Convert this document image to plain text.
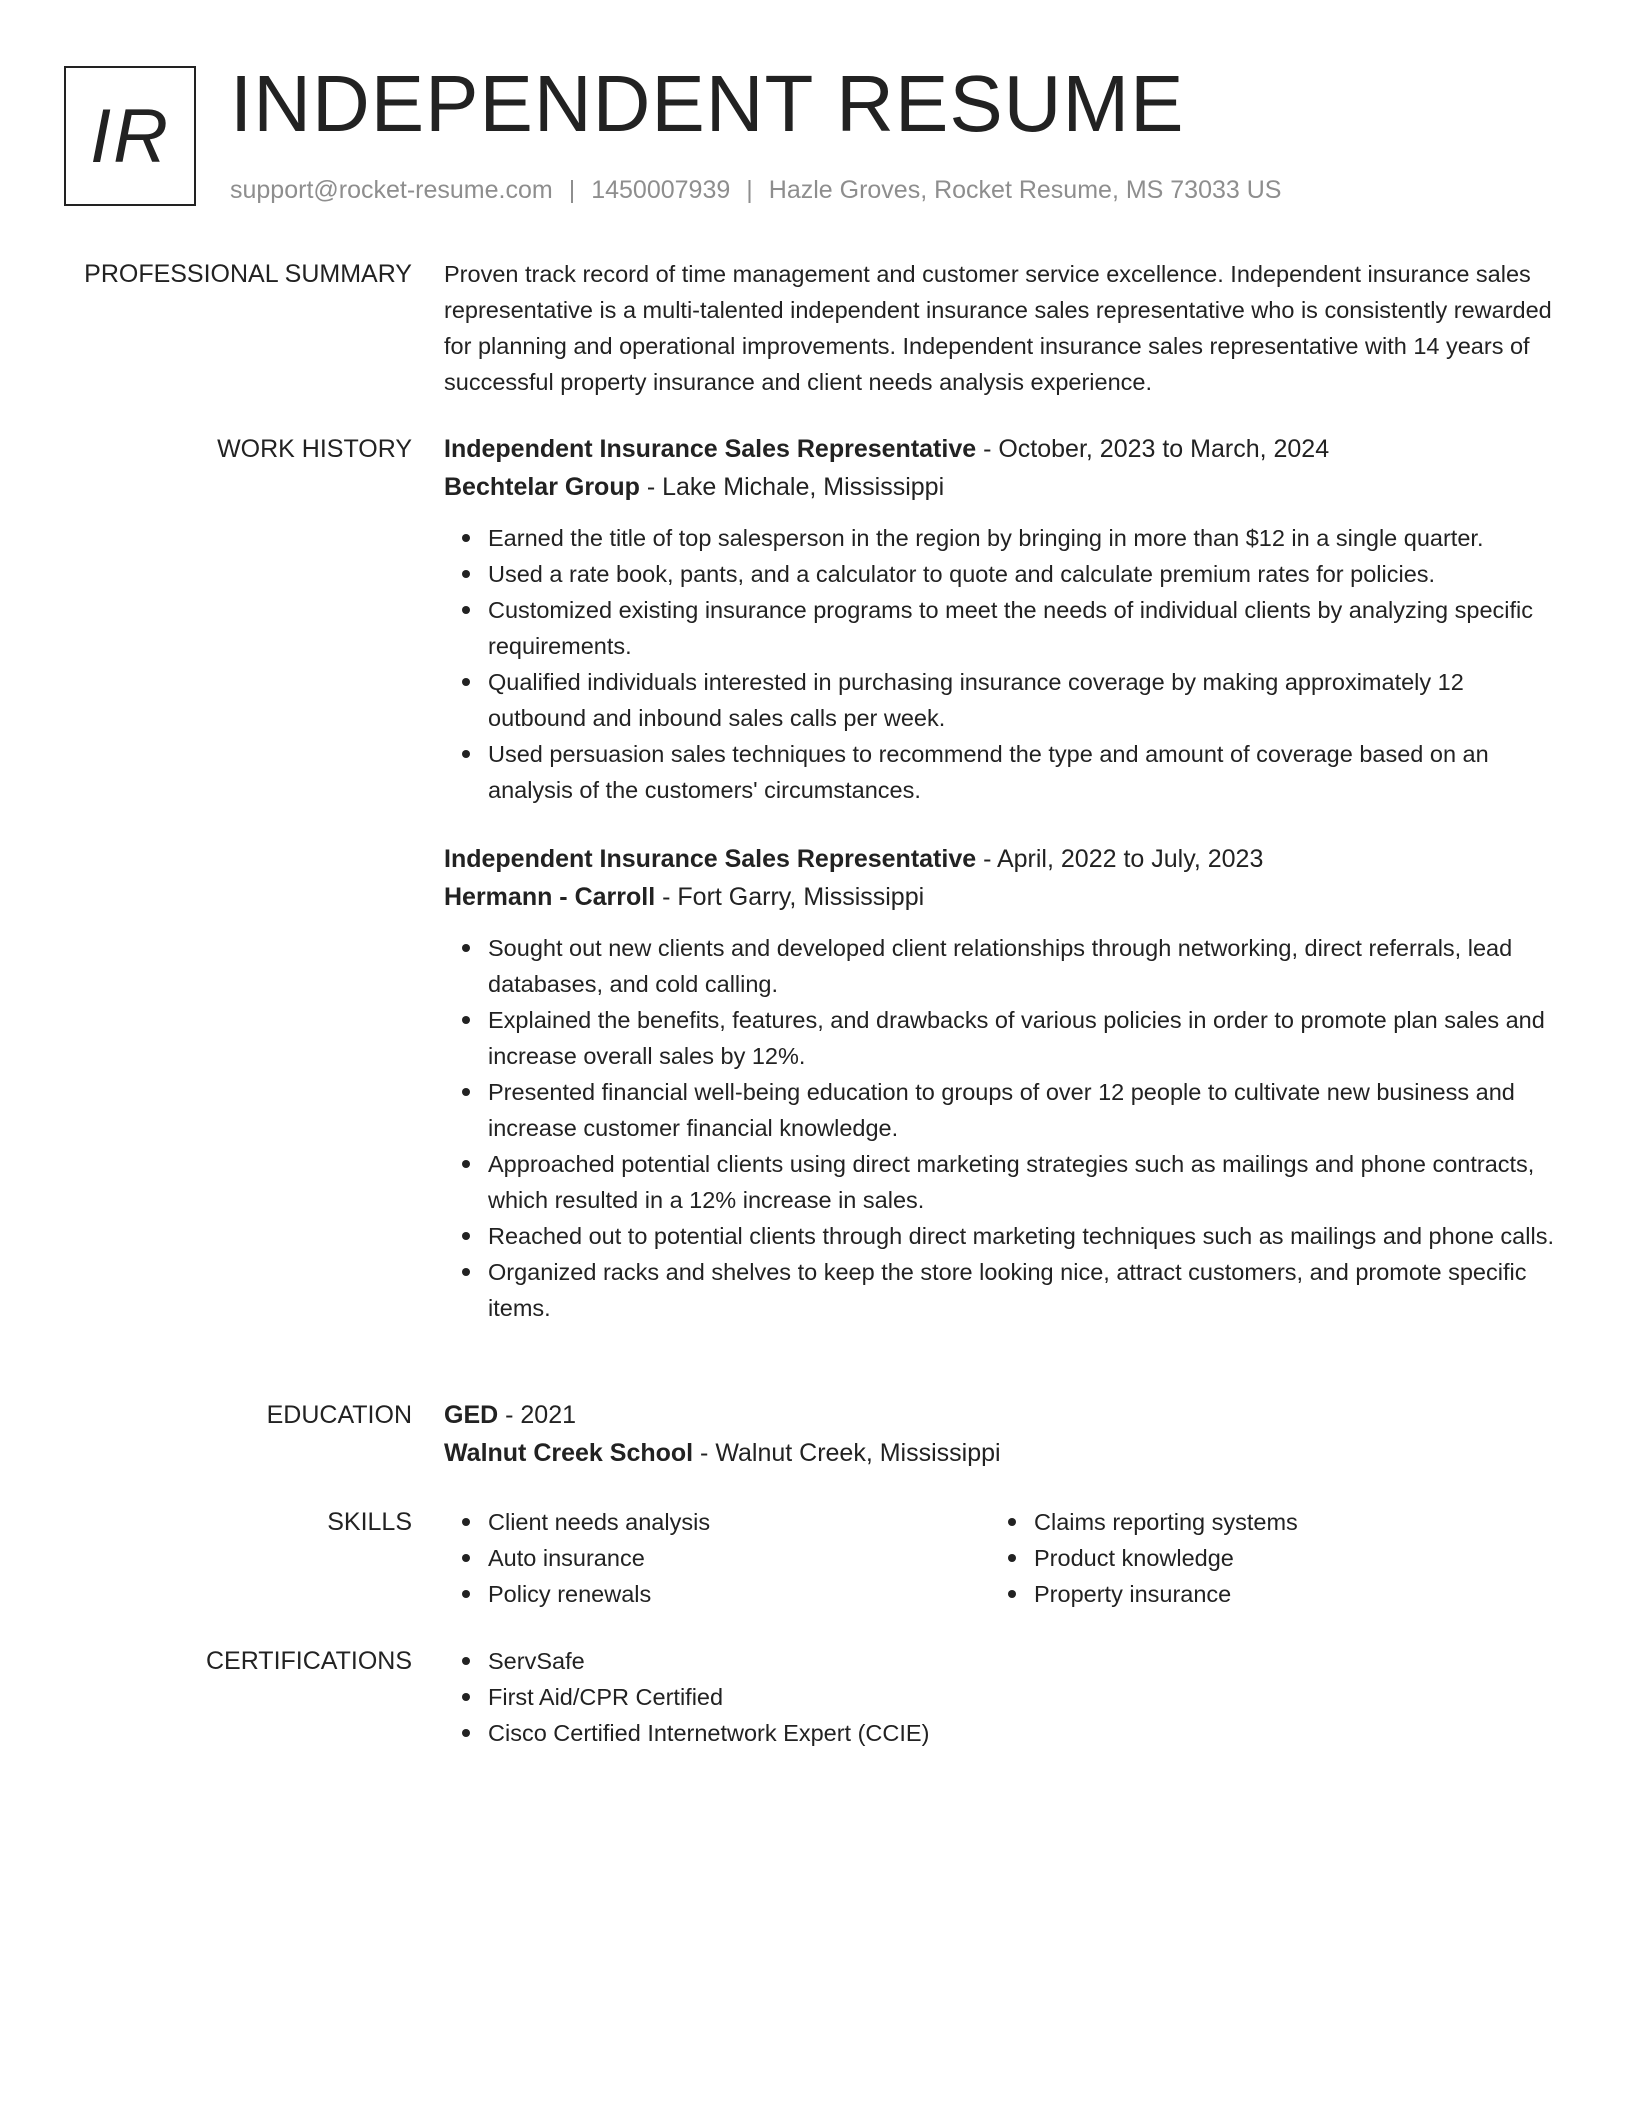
IR INDEPENDENT RESUME
support@rocket-resume.com | 1450007939 | Hazle Groves, Rocket Resume, MS 73033 US
PROFESSIONAL SUMMARY Proven track record of time management and customer service excellence. Independent insurance sales representative is a multi-talented independent insurance sales representative who is consistently rewarded for planning and operational improvements. Independent insurance sales representative with 14 years of successful property insurance and client needs analysis experience.

WORK HISTORY Independent Insurance Sales Representative - October, 2023 to March, 2024
Bechtelar Group - Lake Michale, Mississippi
Earned the title of top salesperson in the region by bringing in more than $12 in a single quarter.
Used a rate book, pants, and a calculator to quote and calculate premium rates for policies.
Customized existing insurance programs to meet the needs of individual clients by analyzing specific requirements.
Qualified individuals interested in purchasing insurance coverage by making approximately 12 outbound and inbound sales calls per week.
Used persuasion sales techniques to recommend the type and amount of coverage based on an analysis of the customers' circumstances.
Independent Insurance Sales Representative - April, 2022 to July, 2023
Hermann - Carroll - Fort Garry, Mississippi
Sought out new clients and developed client relationships through networking, direct referrals, lead databases, and cold calling.
Explained the benefits, features, and drawbacks of various policies in order to promote plan sales and increase overall sales by 12%.
Presented financial well-being education to groups of over 12 people to cultivate new business and increase customer financial knowledge.
Approached potential clients using direct marketing strategies such as mailings and phone contracts, which resulted in a 12% increase in sales.
Reached out to potential clients through direct marketing techniques such as mailings and phone calls.
Organized racks and shelves to keep the store looking nice, attract customers, and promote specific items.
EDUCATION GED - 2021
Walnut Creek School - Walnut Creek, Mississippi
SKILLS	Client needs analysis
Auto insurance
Policy renewals
Claims reporting systems
Product knowledge
Property insurance
CERTIFICATIONS	ServSafe
First Aid/CPR Certified
Cisco Certified Internetwork Expert (CCIE)
